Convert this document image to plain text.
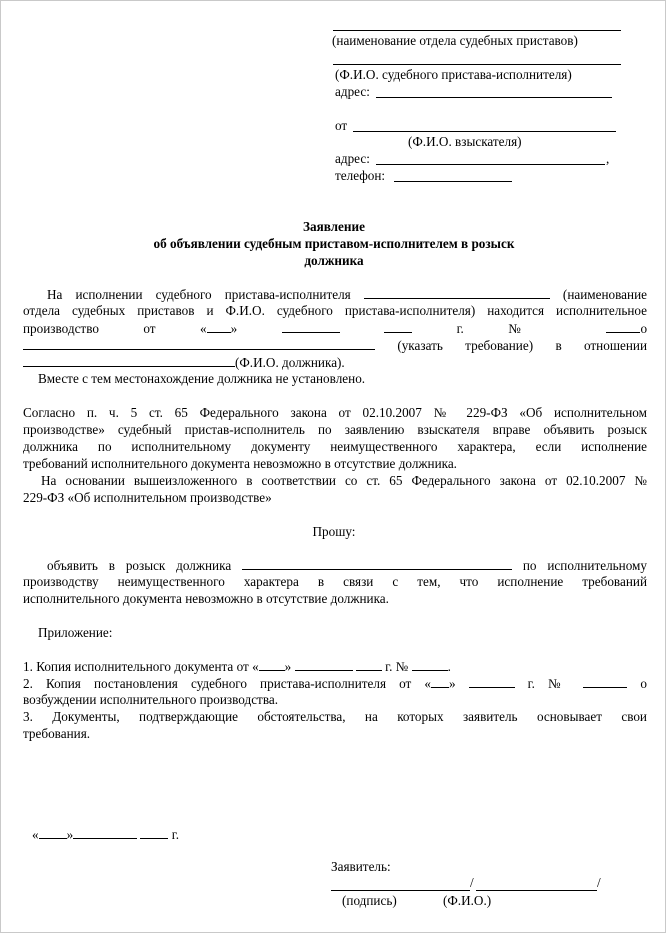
(наименование отдела судебных приставов)
(Ф.И.О. судебного пристава-исполнителя)
адрес:
от
(Ф.И.О. взыскателя)
адрес:	,
телефон:
Заявление
об объявлении судебным приставом-исполнителем в розыск
должника
На исполнении судебного пристава-исполнителя	(наименование
отдела судебных приставов и Ф.И.О. судебного пристава-исполнителя) находится исполнительное
производство	от	« »	г.	№	о
(указать требование) в отношении
(Ф.И.О. должника).
Вместе с тем местонахождение должника не установлено.
Согласно п. ч. 5 ст. 65 Федерального закона от 02.10.2007 № 229-ФЗ «Об исполнительном
производстве» судебный пристав-исполнитель по заявлению взыскателя вправе объявить розыск
должника по исполнительному документу неимущественного характера, если исполнение
требований исполнительного документа невозможно в отсутствие должника.
На основании вышеизложенного в соответствии со ст. 65 Федерального закона от 02.10.2007 №
229-ФЗ «Об исполнительном производстве»
Прошу:
объявить в розыск должника	по исполнительному
производству неимущественного характера в связи с тем, что исполнение требований
исполнительного документа невозможно в отсутствие должника.
Приложение:
1. Копия исполнительного документа от « »	г. №	.
2. Копия постановления судебного пристава-исполнителя от « »	г. №	о
возбуждении исполнительного производства.
3. Документы, подтверждающие обстоятельства, на которых заявитель основывает свои
требования.
« »	г.
Заявитель:
/	/
(подпись)	(Ф.И.О.)
